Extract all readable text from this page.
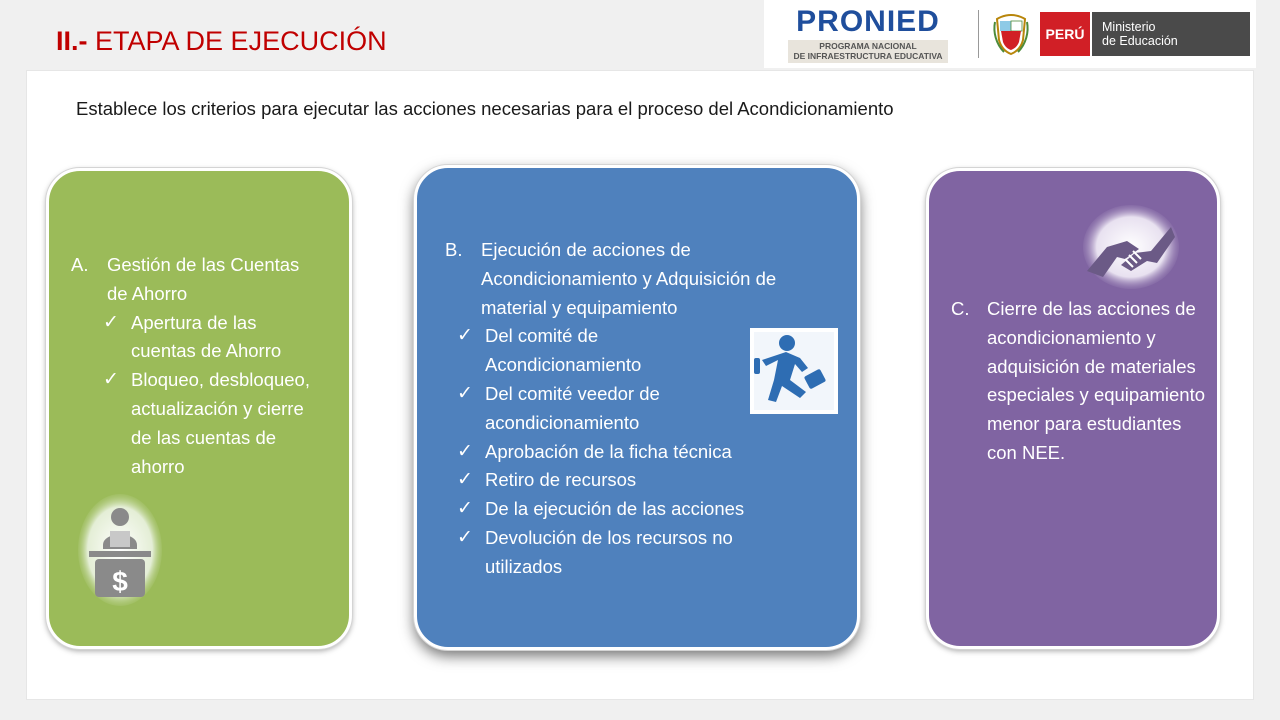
II.- ETAPA DE EJECUCIÓN
PRONIED
PROGRAMA NACIONAL
DE INFRAESTRUCTURA EDUCATIVA
PERÚ	Ministerio
de Educación

Establece los criterios para ejecutar las acciones necesarias para el proceso del Acondicionamiento

$
A. Gestión de las Cuentas de Ahorro
✓ Apertura de las cuentas de Ahorro
✓ Bloqueo, desbloqueo, actualización y cierre de las cuentas de ahorro
B. Ejecución de acciones de Acondicionamiento y Adquisición de material y equipamiento
✓ Del comité de Acondicionamiento
✓ Del comité veedor de acondicionamiento
✓ Aprobación de la ficha técnica
✓ Retiro de recursos
✓ De la ejecución de las acciones
✓ Devolución de los recursos no utilizados
C. Cierre de las acciones de acondicionamiento y adquisición de materiales especiales y equipamiento menor para estudiantes con NEE.
